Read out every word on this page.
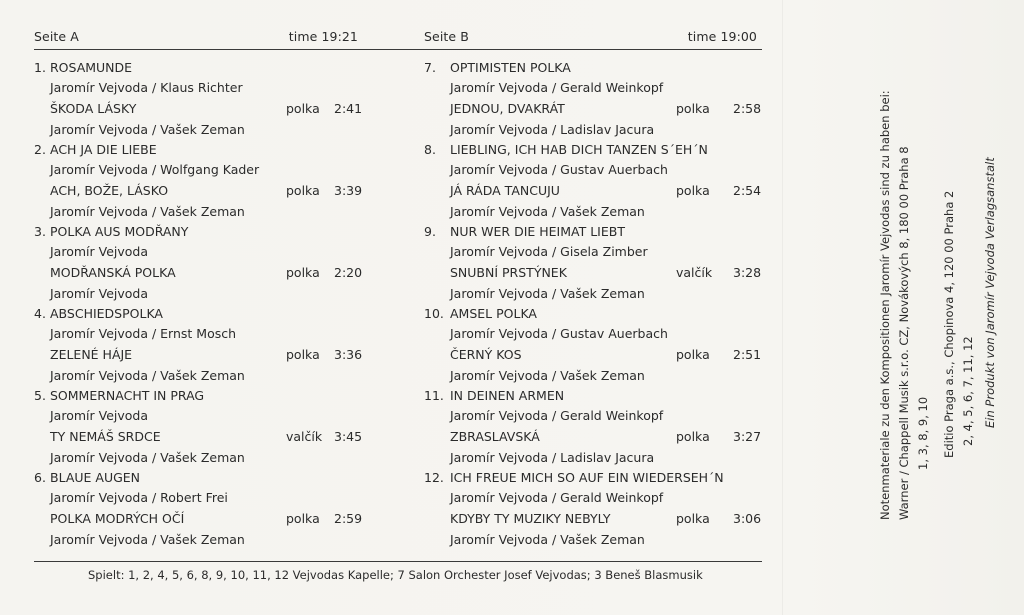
Seite A	time 19:21	Seite B	time 19:00
1. ROSAMUNDE
Jaromír Vejvoda / Klaus Richter
ŠKODA LÁSKY	polka 2:41
Jaromír Vejvoda / Vašek Zeman
2. ACH JA DIE LIEBE
Jaromír Vejvoda / Wolfgang Kader
ACH, BOŽE, LÁSKO	polka 3:39
Jaromír Vejvoda / Vašek Zeman
3. POLKA AUS MODŘANY
Jaromír Vejvoda
MODŘANSKÁ POLKA	polka 2:20
Jaromír Vejvoda
4. ABSCHIEDSPOLKA
Jaromír Vejvoda / Ernst Mosch
ZELENÉ HÁJE	polka 3:36
Jaromír Vejvoda / Vašek Zeman
5. SOMMERNACHT IN PRAG
Jaromír Vejvoda
TY NEMÁŠ SRDCE	valčík 3:45
Jaromír Vejvoda / Vašek Zeman
6. BLAUE AUGEN
Jaromír Vejvoda / Robert Frei
POLKA MODRÝCH OČÍ	polka 2:59
Jaromír Vejvoda / Vašek Zeman
7.	OPTIMISTEN POLKA
Jaromír Vejvoda / Gerald Weinkopf
JEDNOU, DVAKRÁT	polka 2:58
Jaromír Vejvoda / Ladislav Jacura
8.	LIEBLING, ICH HAB DICH TANZEN S´EH´N
Jaromír Vejvoda / Gustav Auerbach
JÁ RÁDA TANCUJU	polka 2:54
Jaromír Vejvoda / Vašek Zeman
9.	NUR WER DIE HEIMAT LIEBT
Jaromír Vejvoda / Gisela Zimber
SNUBNÍ PRSTÝNEK	valčík 3:28
Jaromír Vejvoda / Vašek Zeman
10. AMSEL POLKA
Jaromír Vejvoda / Gustav Auerbach
ČERNÝ KOS	polka 2:51
Jaromír Vejvoda / Vašek Zeman
11. IN DEINEN ARMEN
Jaromír Vejvoda / Gerald Weinkopf
ZBRASLAVSKÁ	polka 3:27
Jaromír Vejvoda / Ladislav Jacura
12. ICH FREUE MICH SO AUF EIN WIEDERSEH´N
Jaromír Vejvoda / Gerald Weinkopf
KDYBY TY MUZIKY NEBYLY	polka 3:06
Jaromír Vejvoda / Vašek Zeman
Spielt: 1, 2, 4, 5, 6, 8, 9, 10, 11, 12 Vejvodas Kapelle; 7 Salon Orchester Josef Vejvodas; 3 Beneš Blasmusik
Notenmateriale zu den Kompositionen Jaromír Vejvodas sind zu haben bei: Warner / Chappell Musik s.r.o. CZ, Novákových 8, 180 00 Praha 8 1, 3, 8, 9, 10 Editio Praga a.s., Chopinova 4, 120 00 Praha 2 2, 4, 5, 6, 7, 11, 12 Ein Produkt von Jaromír Vejvoda Verlagsanstalt
